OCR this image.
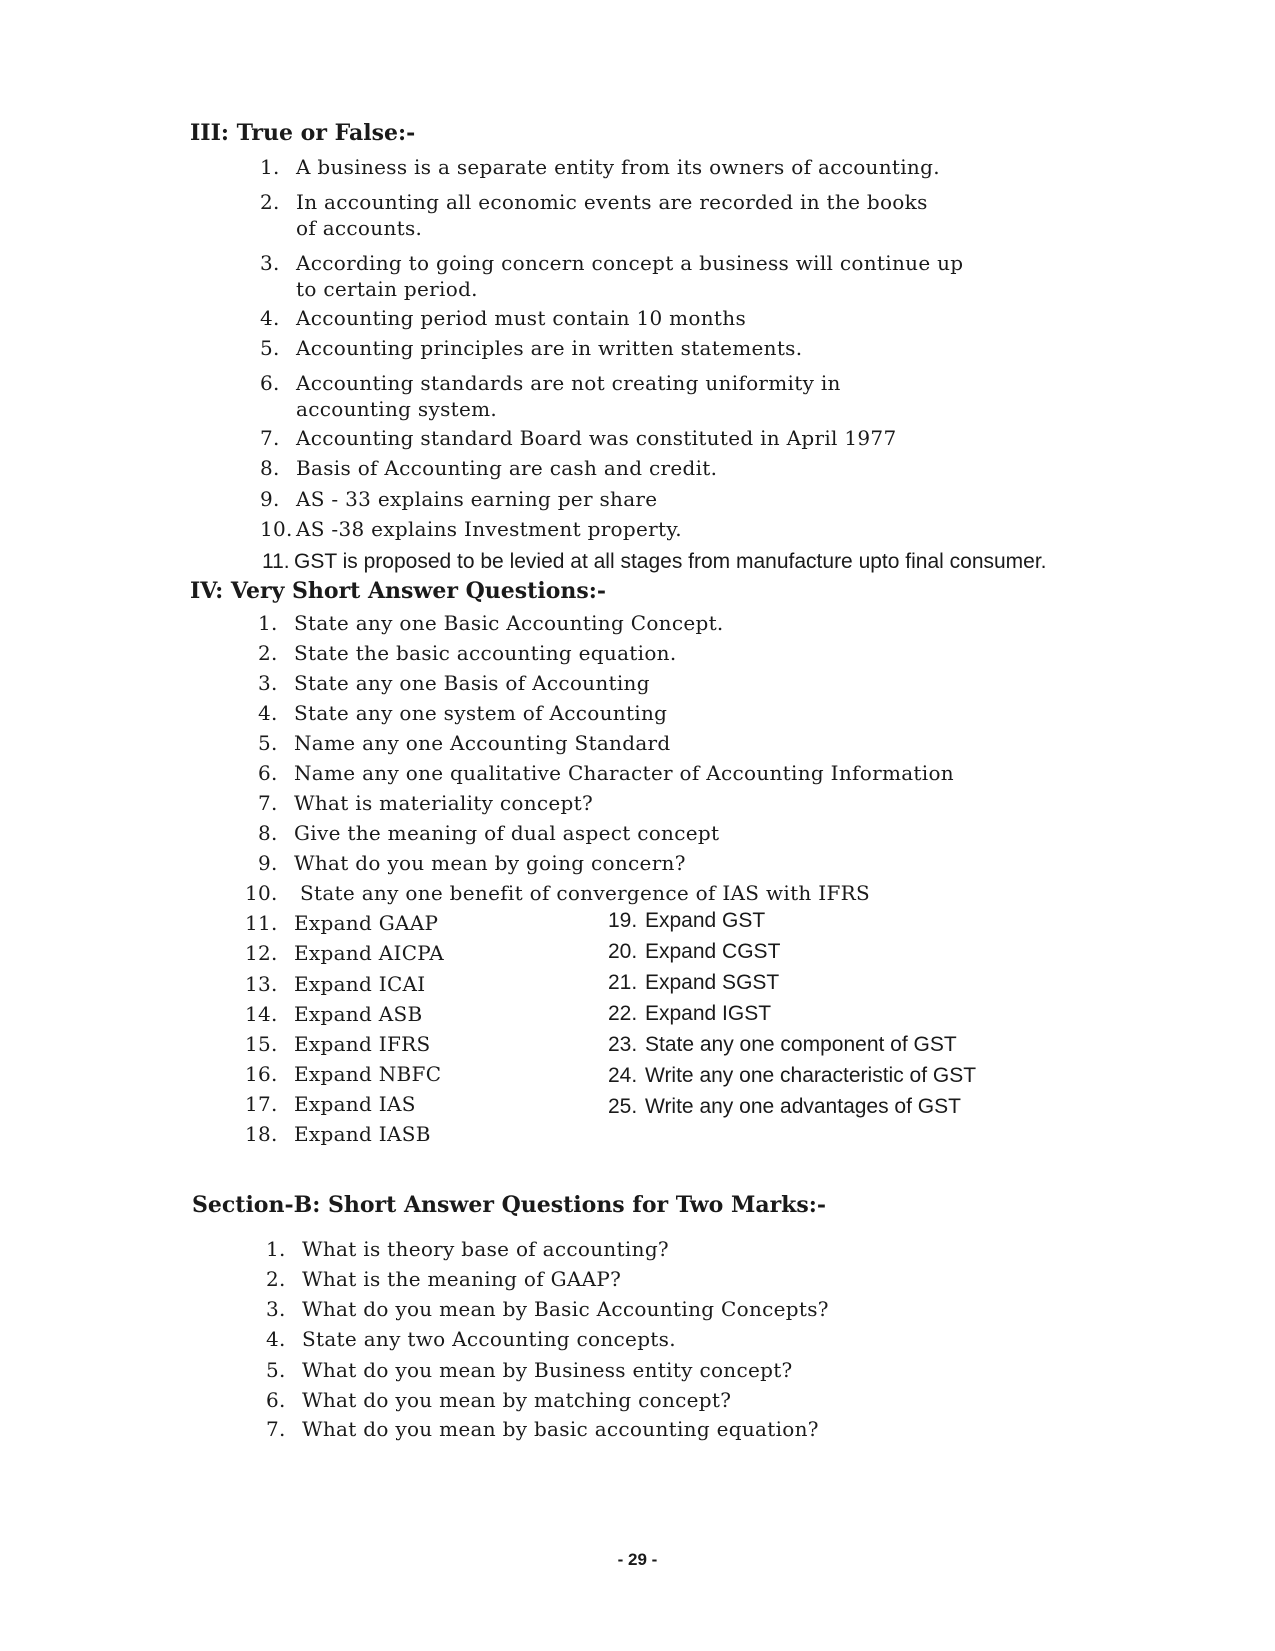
III: True or False:-
1. A business is a separate entity from its owners of accounting.
2. In accounting all economic events are recorded in the books
of accounts.
3. According to going concern concept a business will continue up
to certain period.
4. Accounting period must contain 10 months
5. Accounting principles are in written statements.
6. Accounting standards are not creating uniformity in
accounting system.
7. Accounting standard Board was constituted in April 1977
8. Basis of Accounting are cash and credit.
9. AS - 33 explains earning per share
10. AS -38 explains Investment property.
11. GST is proposed to be levied at all stages from manufacture upto final consumer.
IV: Very Short Answer Questions:-
1. State any one Basic Accounting Concept.
2. State the basic accounting equation.
3. State any one Basis of Accounting
4. State any one system of Accounting
5. Name any one Accounting Standard
6. Name any one qualitative Character of Accounting Information
7. What is materiality concept?
8. Give the meaning of dual aspect concept
9. What do you mean by going concern?
10. State any one benefit of convergence of IAS with IFRS
11. Expand GAAP
12. Expand AICPA
13. Expand ICAI
14. Expand ASB
15. Expand IFRS
16. Expand NBFC
17. Expand IAS
18. Expand IASB
19. Expand GST
20. Expand CGST
21. Expand SGST
22. Expand IGST
23. State any one component of GST
24. Write any one characteristic of GST
25. Write any one advantages of GST
Section-B: Short Answer Questions for Two Marks:-
1. What is theory base of accounting?
2. What is the meaning of GAAP?
3. What do you mean by Basic Accounting Concepts?
4. State any two Accounting concepts.
5. What do you mean by Business entity concept?
6. What do you mean by matching concept?
7. What do you mean by basic accounting equation?
- 29 -
